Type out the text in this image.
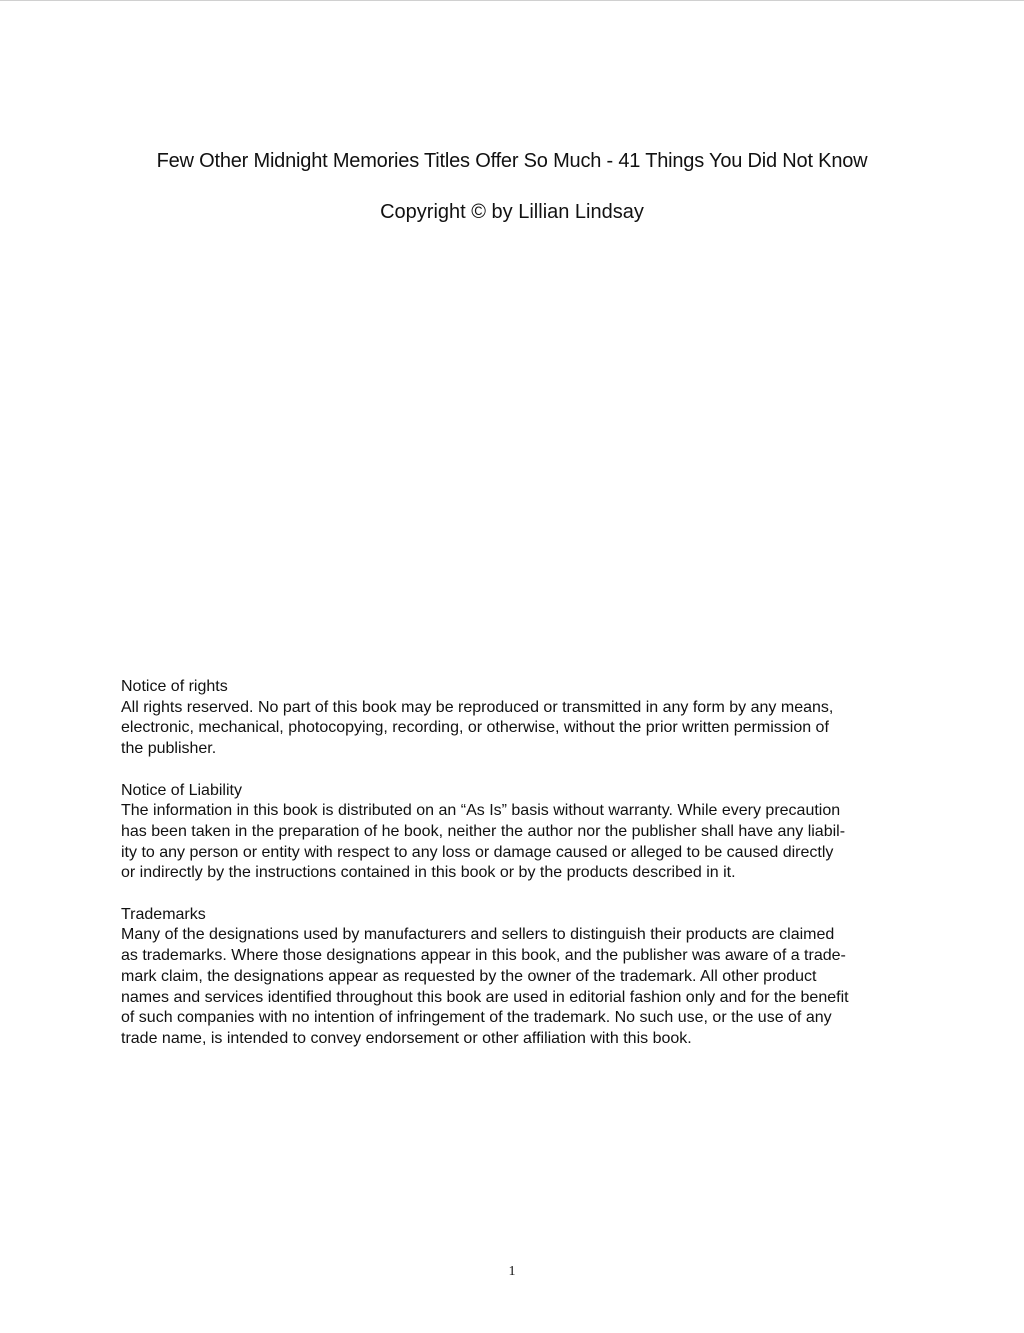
Few Other Midnight Memories Titles Offer So Much - 41 Things You Did Not Know
Copyright © by Lillian Lindsay
Notice of rights
All rights reserved. No part of this book may be reproduced or transmitted in any form by any means,
electronic, mechanical, photocopying, recording, or otherwise, without the prior written permission of
the publisher.
Notice of Liability
The information in this book is distributed on an “As Is” basis without warranty. While every precaution
has been taken in the preparation of he book, neither the author nor the publisher shall have any liabil-
ity to any person or entity with respect to any loss or damage caused or alleged to be caused directly
or indirectly by the instructions contained in this book or by the products described in it.
Trademarks
Many of the designations used by manufacturers and sellers to distinguish their products are claimed
as trademarks. Where those designations appear in this book, and the publisher was aware of a trade-
mark claim, the designations appear as requested by the owner of the trademark. All other product
names and services identified throughout this book are used in editorial fashion only and for the benefit
of such companies with no intention of infringement of the trademark. No such use, or the use of any
trade name, is intended to convey endorsement or other affiliation with this book.
1
